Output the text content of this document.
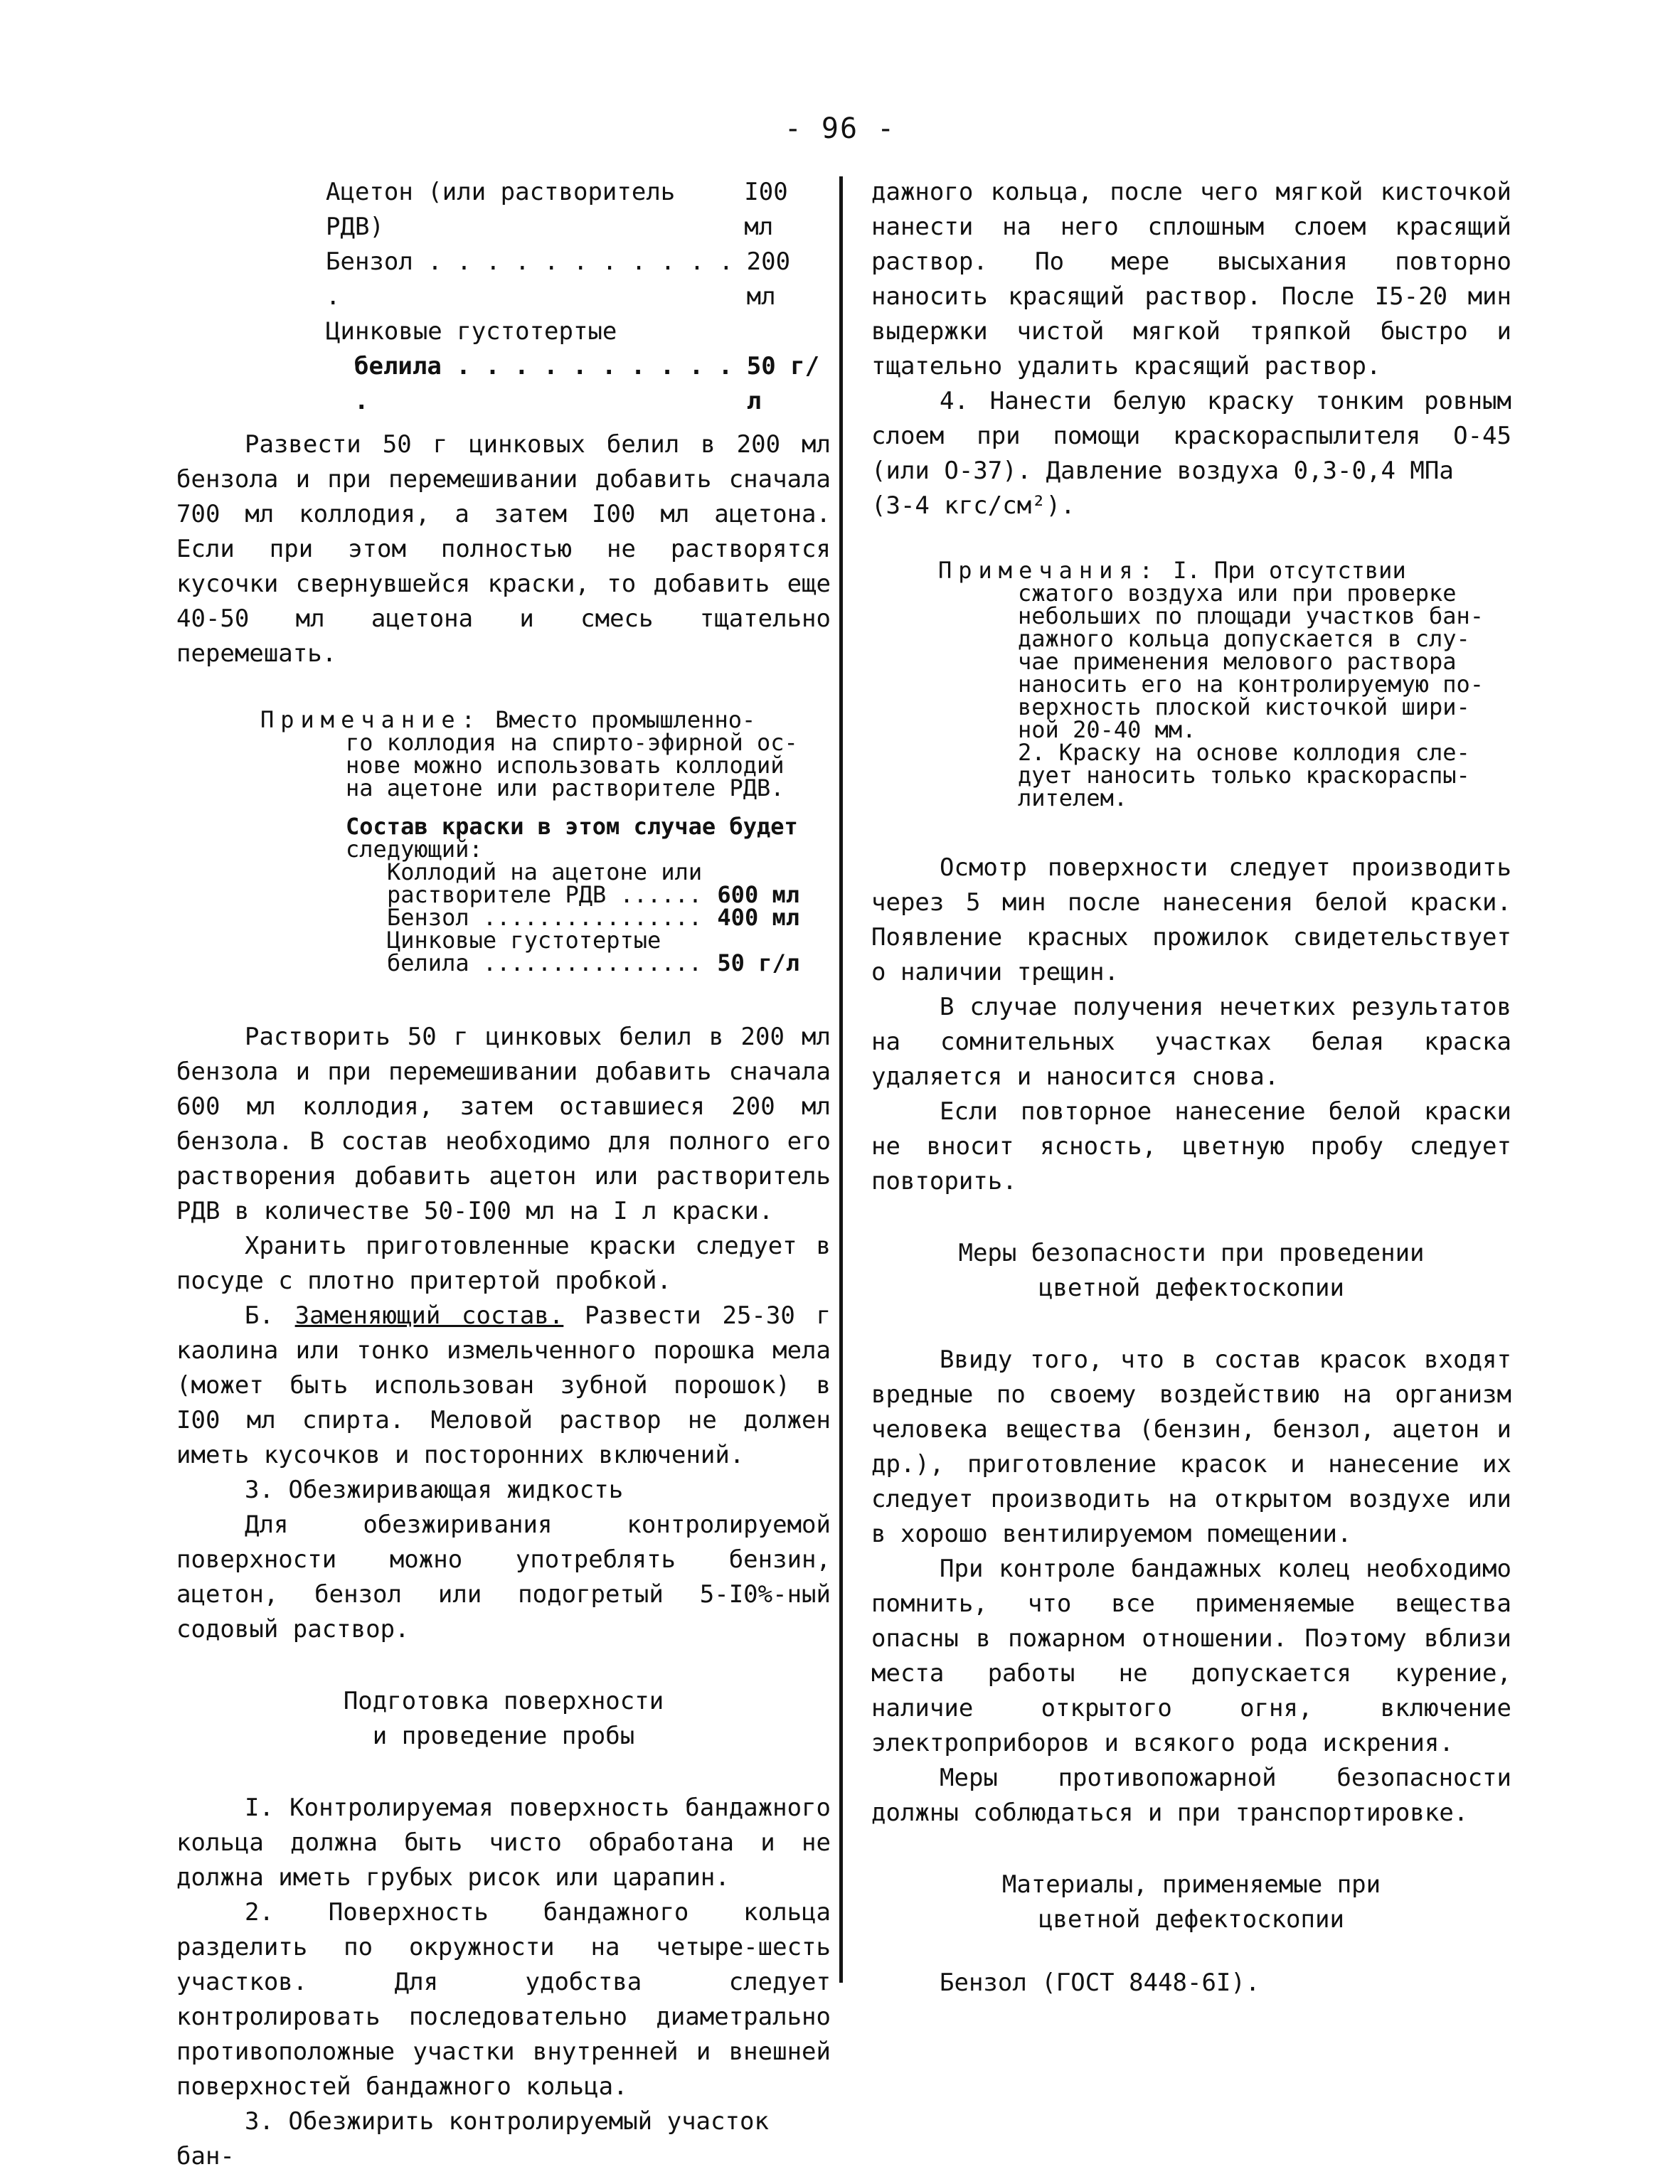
- 96 -
Ацетон (или растворитель РДВ)
I00 мл
Бензол . . . . . . . . . . . .
200 мл
Цинковые густотертые
белила . . . . . . . . . . .
50 г/л

Развести 50 г цинковых белил в 200 мл бензола и при перемешивании добавить сначала 700 мл коллодия, а затем I00 мл ацетона. Если при этом полностью не растворятся кусочки свернувшейся краски, то добавить еще 40-50 мл ацетона и смесь тщательно перемешать.

Примечание: Вместо промышленно-
го коллодия на спирто-эфирной ос-
нове можно использовать коллодий
на ацетоне или растворителе РДВ.
Состав краски в этом случае будет
следующий:
Коллодий на ацетоне или
растворителе РДВ ...... 600 мл
Бензол ................ 400 мл
Цинковые густотертые
белила ................ 50 г/л

Растворить 50 г цинковых белил в 200 мл бензола и при перемешивании добавить сначала 600 мл коллодия, затем оставшиеся 200 мл бензола. В состав необходимо для полного его растворения добавить ацетон или растворитель РДВ в количестве 50-I00 мл на I л краски.

Хранить приготовленные краски следует в посуде с плотно притертой пробкой.

Б. Заменяющий состав. Развести 25-30 г каолина или тонко измельченного порошка мела (может быть использован зубной порошок) в I00 мл спирта. Меловой раствор не должен иметь кусочков и посторонних включений.

3. Обезжиривающая жидкость

Для обезжиривания контролируемой поверхности можно употреблять бензин, ацетон, бензол или подогретый 5-I0%-ный содовый раствор.

Подготовка поверхности
и проведение пробы

I. Контролируемая поверхность бандажного кольца должна быть чисто обработана и не должна иметь грубых рисок или царапин.

2. Поверхность бандажного кольца разделить по окружности на четыре-шесть участков. Для удобства следует контролировать последовательно диаметрально противоположные участки внутренней и внешней поверхностей бандажного кольца.

3. Обезжирить контролируемый участок бан-

дажного кольца, после чего мягкой кисточкой нанести на него сплошным слоем красящий раствор. По мере высыхания повторно наносить красящий раствор. После I5-20 мин выдержки чистой мягкой тряпкой быстро и тщательно удалить красящий раствор.

4. Нанести белую краску тонким ровным слоем при помощи краскораспылителя О-45 (или О-37). Давление воздуха 0,3-0,4 МПа

(3-4 кгс/см²).

Примечания: I. При отсутствии
сжатого воздуха или при проверке
небольших по площади участков бан-
дажного кольца допускается в слу-
чае применения мелового раствора
наносить его на контролируемую по-
верхность плоской кисточкой шири-
ной 20-40 мм.
2. Краску на основе коллодия сле-
дует наносить только краскораспы-
лителем.

Осмотр поверхности следует производить через 5 мин после нанесения белой краски. Появление красных прожилок свидетельствует о наличии трещин.

В случае получения нечетких результатов на сомнительных участках белая краска удаляется и наносится снова.

Если повторное нанесение белой краски не вносит ясность, цветную пробу следует повторить.

Меры безопасности при проведении
цветной дефектоскопии

Ввиду того, что в состав красок входят вредные по своему воздействию на организм человека вещества (бензин, бензол, ацетон и др.), приготовление красок и нанесение их следует производить на открытом воздухе или в хорошо вентилируемом помещении.

При контроле бандажных колец необходимо помнить, что все применяемые вещества опасны в пожарном отношении. Поэтому вблизи места работы не допускается курение, наличие открытого огня, включение электроприборов и всякого рода искрения.

Меры противопожарной безопасности должны соблюдаться и при транспортировке.

Материалы, применяемые при
цветной дефектоскопии

Бензол (ГОСТ 8448-6I).
